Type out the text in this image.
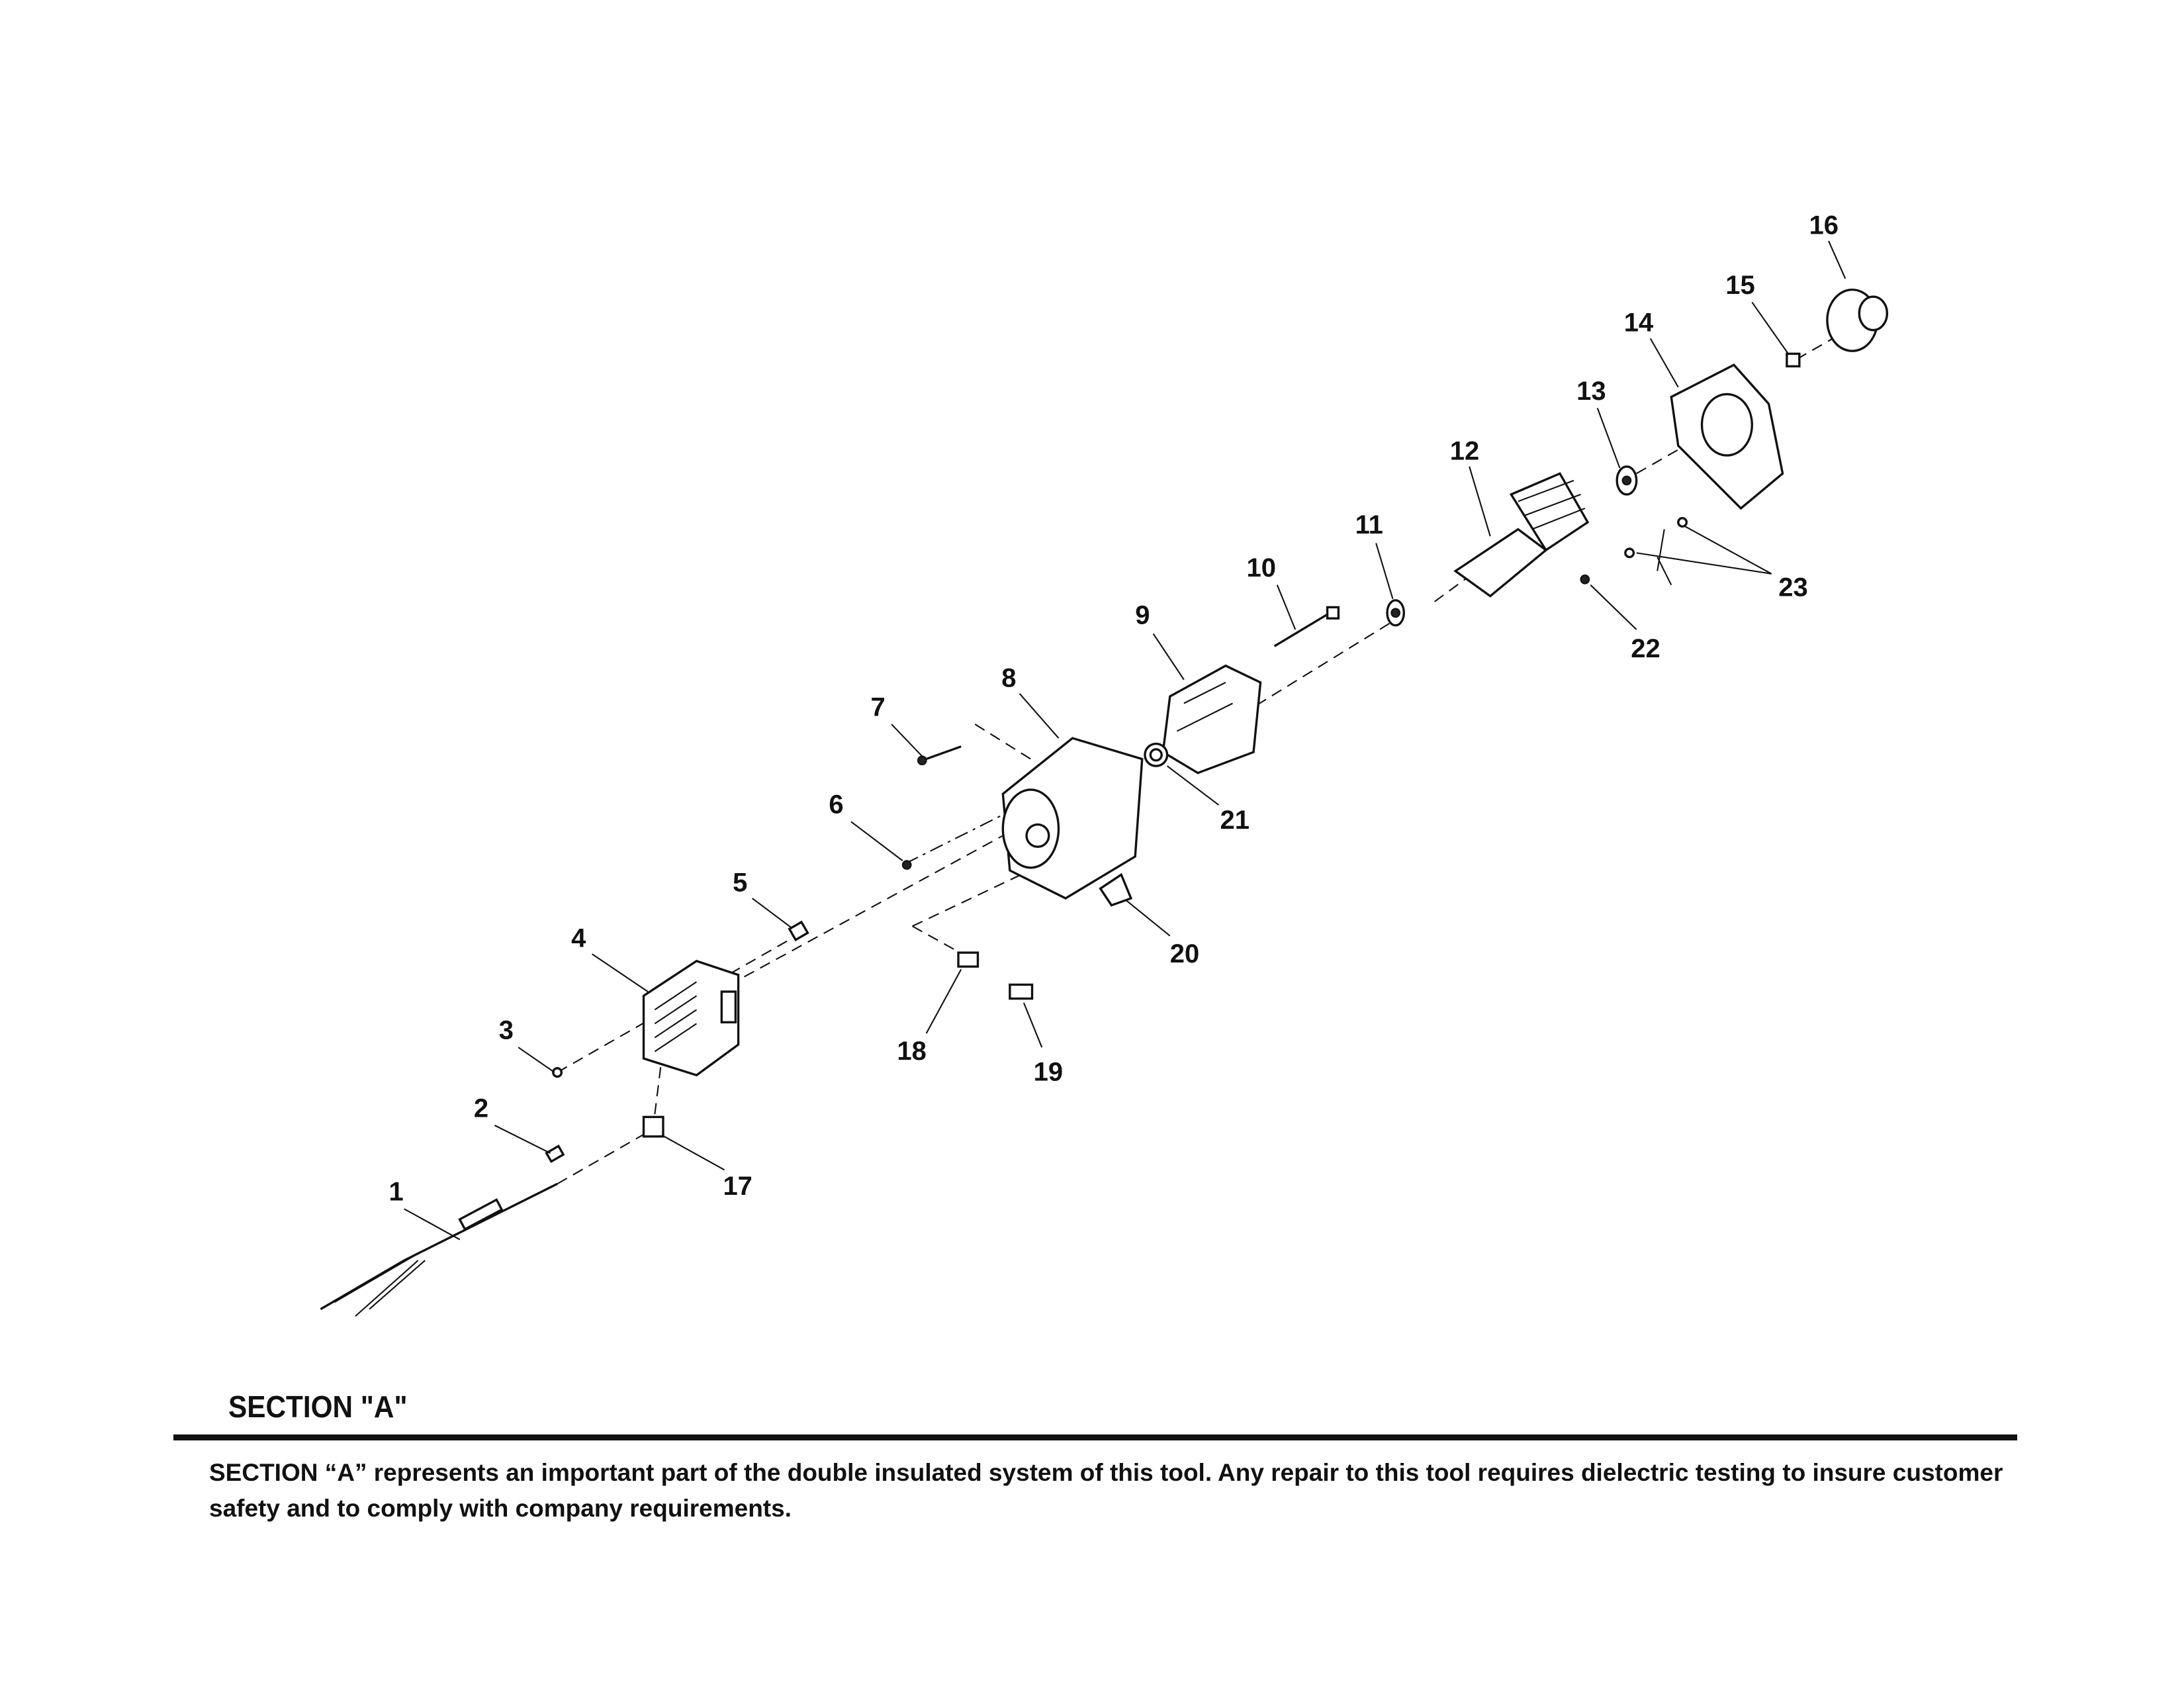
1
2
3
4
5
6
7
8
9
10
11
12
13
14
15
16
17
18
19
20
21
22
23
SECTION "A"
SECTION “A” represents an important part of the double insulated system of this tool. Any repair to this tool requires dielectric testing to insure customer safety and to comply with company requirements.
